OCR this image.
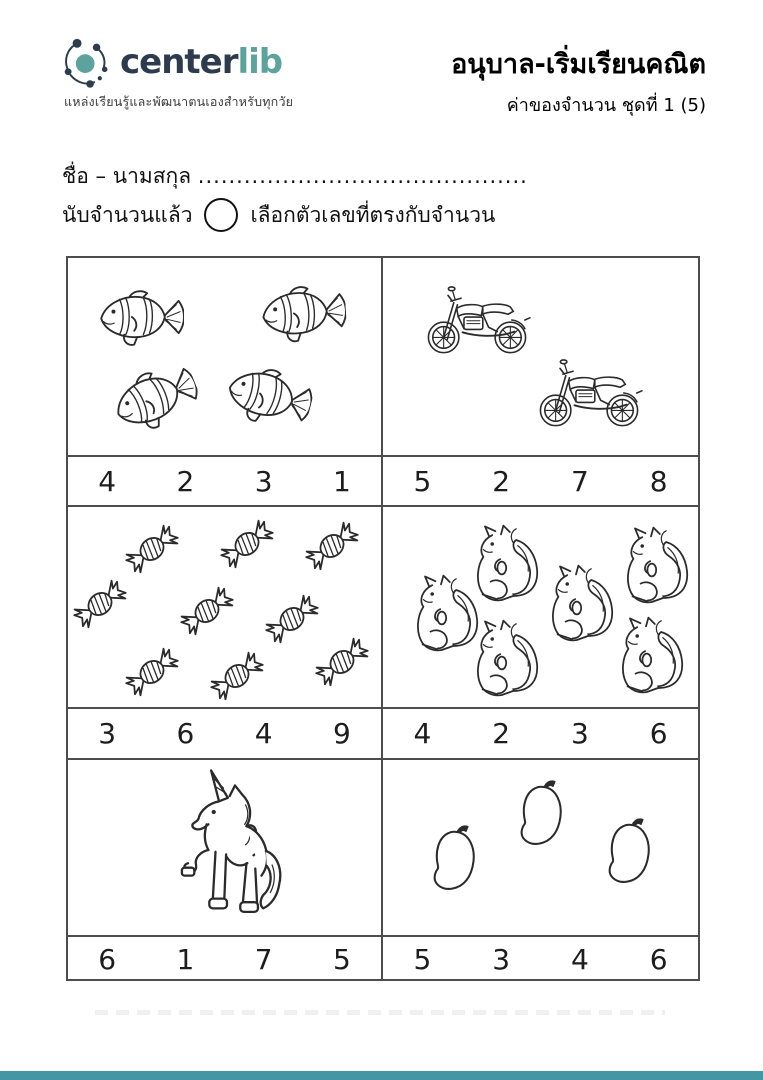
centerlib
แหล่งเรียนรู้และพัฒนาตนเองสำหรับทุกวัย
อนุบาล-เริ่มเรียนคณิต
ค่าของจำนวน ชุดที่ 1 (5)
ชื่อ – นามสกุล ...........................................
นับจำนวนแล้ว	เลือกตัวเลขที่ตรงกับจำนวน
4	2	3	1	5	2	7	8
3	6	4	9	4	2	3	6
6	1	7	5	5	3	4	6
